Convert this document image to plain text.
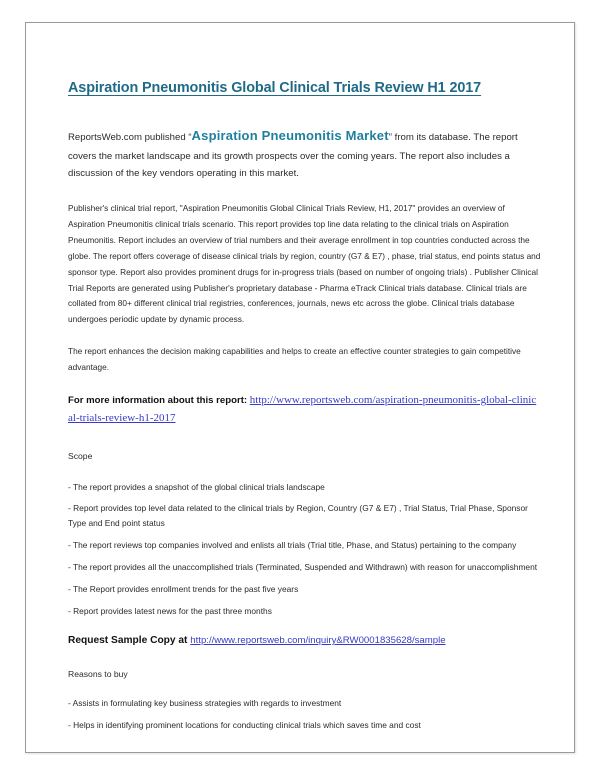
Aspiration Pneumonitis Global Clinical Trials Review H1 2017

ReportsWeb.com published “Aspiration Pneumonitis Market” from its database. The report covers the market landscape and its growth prospects over the coming years. The report also includes a discussion of the key vendors operating in this market.

Publisher's clinical trial report, "Aspiration Pneumonitis Global Clinical Trials Review, H1, 2017" provides an overview of Aspiration Pneumonitis clinical trials scenario. This report provides top line data relating to the clinical trials on Aspiration Pneumonitis. Report includes an overview of trial numbers and their average enrollment in top countries conducted across the globe. The report offers coverage of disease clinical trials by region, country (G7 & E7) , phase, trial status, end points status and sponsor type. Report also provides prominent drugs for in-progress trials (based on number of ongoing trials) . Publisher Clinical Trial Reports are generated using Publisher's proprietary database - Pharma eTrack Clinical trials database. Clinical trials are collated from 80+ different clinical trial registries, conferences, journals, news etc across the globe. Clinical trials database undergoes periodic update by dynamic process.

The report enhances the decision making capabilities and helps to create an effective counter strategies to gain competitive advantage.

For more information about this report: http://www.reportsweb.com/aspiration-pneumonitis-global-clinical-trials-review-h1-2017

Scope

- The report provides a snapshot of the global clinical trials landscape
- Report provides top level data related to the clinical trials by Region, Country (G7 & E7) , Trial Status, Trial Phase, Sponsor Type and End point status
- The report reviews top companies involved and enlists all trials (Trial title, Phase, and Status) pertaining to the company
- The report provides all the unaccomplished trials (Terminated, Suspended and Withdrawn) with reason for unaccomplishment
- The Report provides enrollment trends for the past five years
- Report provides latest news for the past three months

Request Sample Copy at http://www.reportsweb.com/inquiry&RW0001835628/sample

Reasons to buy

- Assists in formulating key business strategies with regards to investment
- Helps in identifying prominent locations for conducting clinical trials which saves time and cost
